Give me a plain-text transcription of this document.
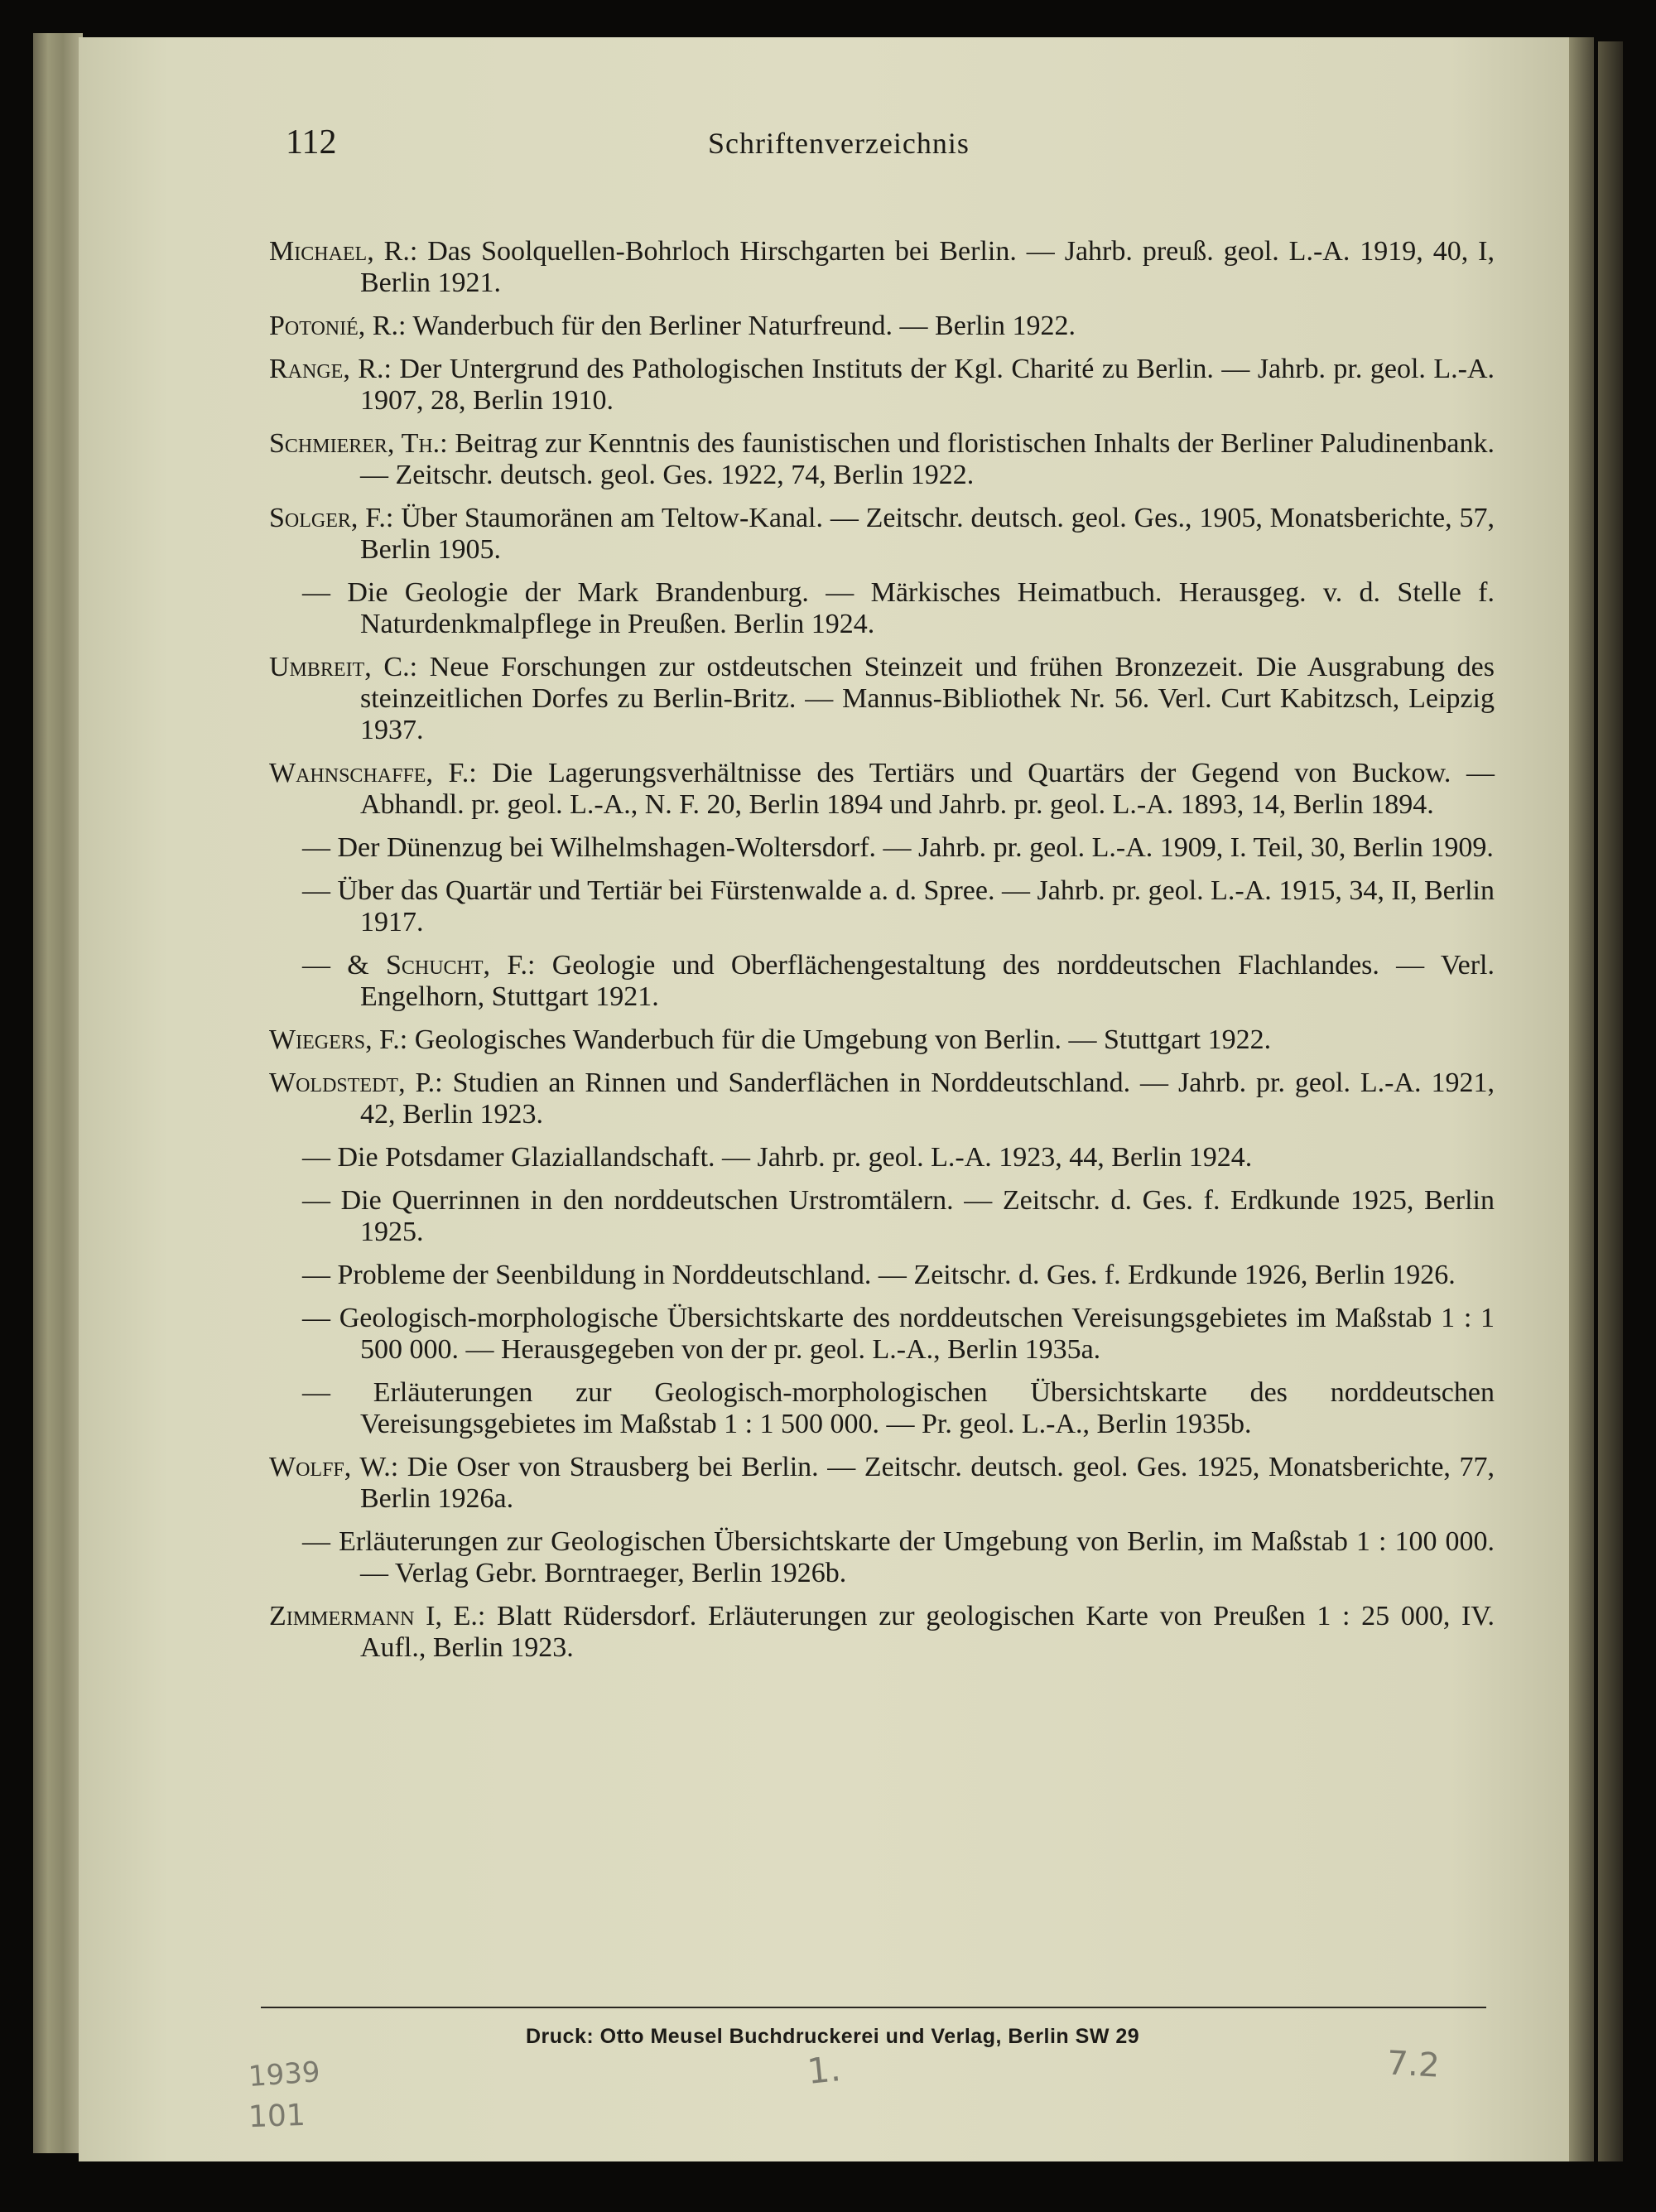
112	Schriftenverzeichnis
Michael, R.: Das Soolquellen-Bohrloch Hirschgarten bei Berlin. — Jahrb. preuß. geol. L.-A. 1919, 40, I, Berlin 1921.
Potonié, R.: Wanderbuch für den Berliner Naturfreund. — Berlin 1922.
Range, R.: Der Untergrund des Pathologischen Instituts der Kgl. Charité zu Berlin. — Jahrb. pr. geol. L.-A. 1907, 28, Berlin 1910.
Schmierer, Th.: Beitrag zur Kenntnis des faunistischen und floristischen Inhalts der Berliner Paludinenbank. — Zeitschr. deutsch. geol. Ges. 1922, 74, Berlin 1922.
Solger, F.: Über Staumoränen am Teltow-Kanal. — Zeitschr. deutsch. geol. Ges., 1905, Monatsberichte, 57, Berlin 1905.
— Die Geologie der Mark Brandenburg. — Märkisches Heimatbuch. Herausgeg. v. d. Stelle f. Naturdenkmalpflege in Preußen. Berlin 1924.
Umbreit, C.: Neue Forschungen zur ostdeutschen Steinzeit und frühen Bronzezeit. Die Ausgrabung des steinzeitlichen Dorfes zu Berlin-Britz. — Mannus-Bibliothek Nr. 56. Verl. Curt Kabitzsch, Leipzig 1937.
Wahnschaffe, F.: Die Lagerungsverhältnisse des Tertiärs und Quartärs der Gegend von Buckow. — Abhandl. pr. geol. L.-A., N. F. 20, Berlin 1894 und Jahrb. pr. geol. L.-A. 1893, 14, Berlin 1894.
— Der Dünenzug bei Wilhelmshagen-Woltersdorf. — Jahrb. pr. geol. L.-A. 1909, I. Teil, 30, Berlin 1909.
— Über das Quartär und Tertiär bei Fürstenwalde a. d. Spree. — Jahrb. pr. geol. L.-A. 1915, 34, II, Berlin 1917.
— & Schucht, F.: Geologie und Oberflächengestaltung des norddeutschen Flachlandes. — Verl. Engelhorn, Stuttgart 1921.
Wiegers, F.: Geologisches Wanderbuch für die Umgebung von Berlin. — Stuttgart 1922.
Woldstedt, P.: Studien an Rinnen und Sanderflächen in Norddeutschland. — Jahrb. pr. geol. L.-A. 1921, 42, Berlin 1923.
— Die Potsdamer Glaziallandschaft. — Jahrb. pr. geol. L.-A. 1923, 44, Berlin 1924.
— Die Querrinnen in den norddeutschen Urstromtälern. — Zeitschr. d. Ges. f. Erdkunde 1925, Berlin 1925.
— Probleme der Seenbildung in Norddeutschland. — Zeitschr. d. Ges. f. Erdkunde 1926, Berlin 1926.
— Geologisch-morphologische Übersichtskarte des norddeutschen Vereisungsgebietes im Maßstab 1 : 1 500 000. — Herausgegeben von der pr. geol. L.-A., Berlin 1935a.
— Erläuterungen zur Geologisch-morphologischen Übersichtskarte des norddeutschen Vereisungsgebietes im Maßstab 1 : 1 500 000. — Pr. geol. L.-A., Berlin 1935b.
Wolff, W.: Die Oser von Strausberg bei Berlin. — Zeitschr. deutsch. geol. Ges. 1925, Monatsberichte, 77, Berlin 1926a.
— Erläuterungen zur Geologischen Übersichtskarte der Umgebung von Berlin, im Maßstab 1 : 100 000. — Verlag Gebr. Borntraeger, Berlin 1926b.
Zimmermann I, E.: Blatt Rüdersdorf. Erläuterungen zur geologischen Karte von Preußen 1 : 25 000, IV. Aufl., Berlin 1923.
Druck: Otto Meusel Buchdruckerei und Verlag, Berlin SW 29
1939
101
1.	7.2
